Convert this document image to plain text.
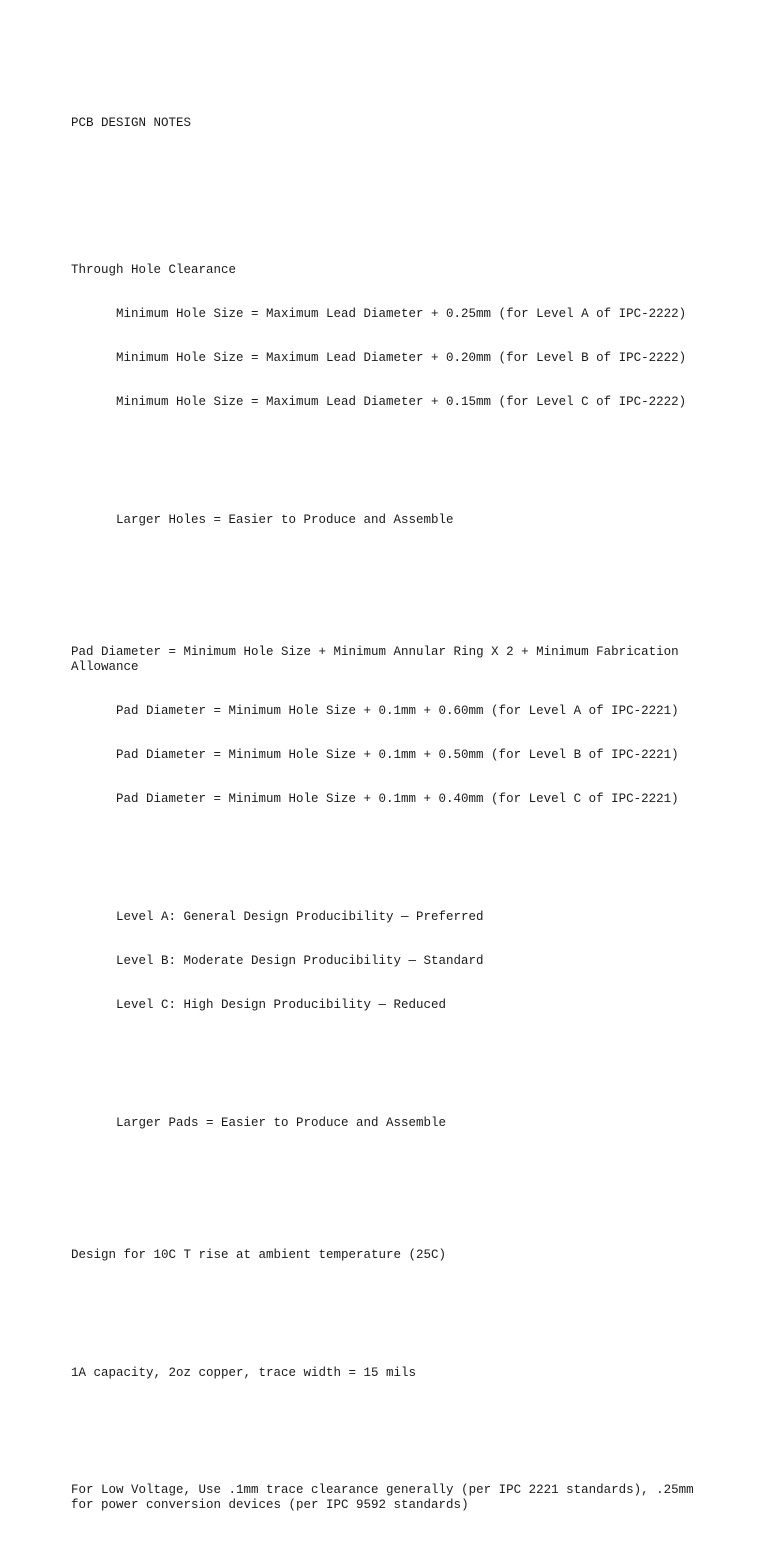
PCB DESIGN NOTES

Through Hole Clearance

Minimum Hole Size = Maximum Lead Diameter + 0.25mm (for Level A of IPC-2222)

Minimum Hole Size = Maximum Lead Diameter + 0.20mm (for Level B of IPC-2222)

Minimum Hole Size = Maximum Lead Diameter + 0.15mm (for Level C of IPC-2222)

Larger Holes = Easier to Produce and Assemble

Pad Diameter = Minimum Hole Size + Minimum Annular Ring X 2 + Minimum Fabrication Allowance

Pad Diameter = Minimum Hole Size + 0.1mm + 0.60mm (for Level A of IPC-2221)

Pad Diameter = Minimum Hole Size + 0.1mm + 0.50mm (for Level B of IPC-2221)

Pad Diameter = Minimum Hole Size + 0.1mm + 0.40mm (for Level C of IPC-2221)

Level A: General Design Producibility — Preferred

Level B: Moderate Design Producibility — Standard

Level C: High Design Producibility — Reduced

Larger Pads = Easier to Produce and Assemble

Design for 10C T rise at ambient temperature (25C)

1A capacity, 2oz copper, trace width = 15 mils

For Low Voltage, Use .1mm trace clearance generally (per IPC 2221 standards), .25mm for power conversion devices (per IPC 9592 standards)
